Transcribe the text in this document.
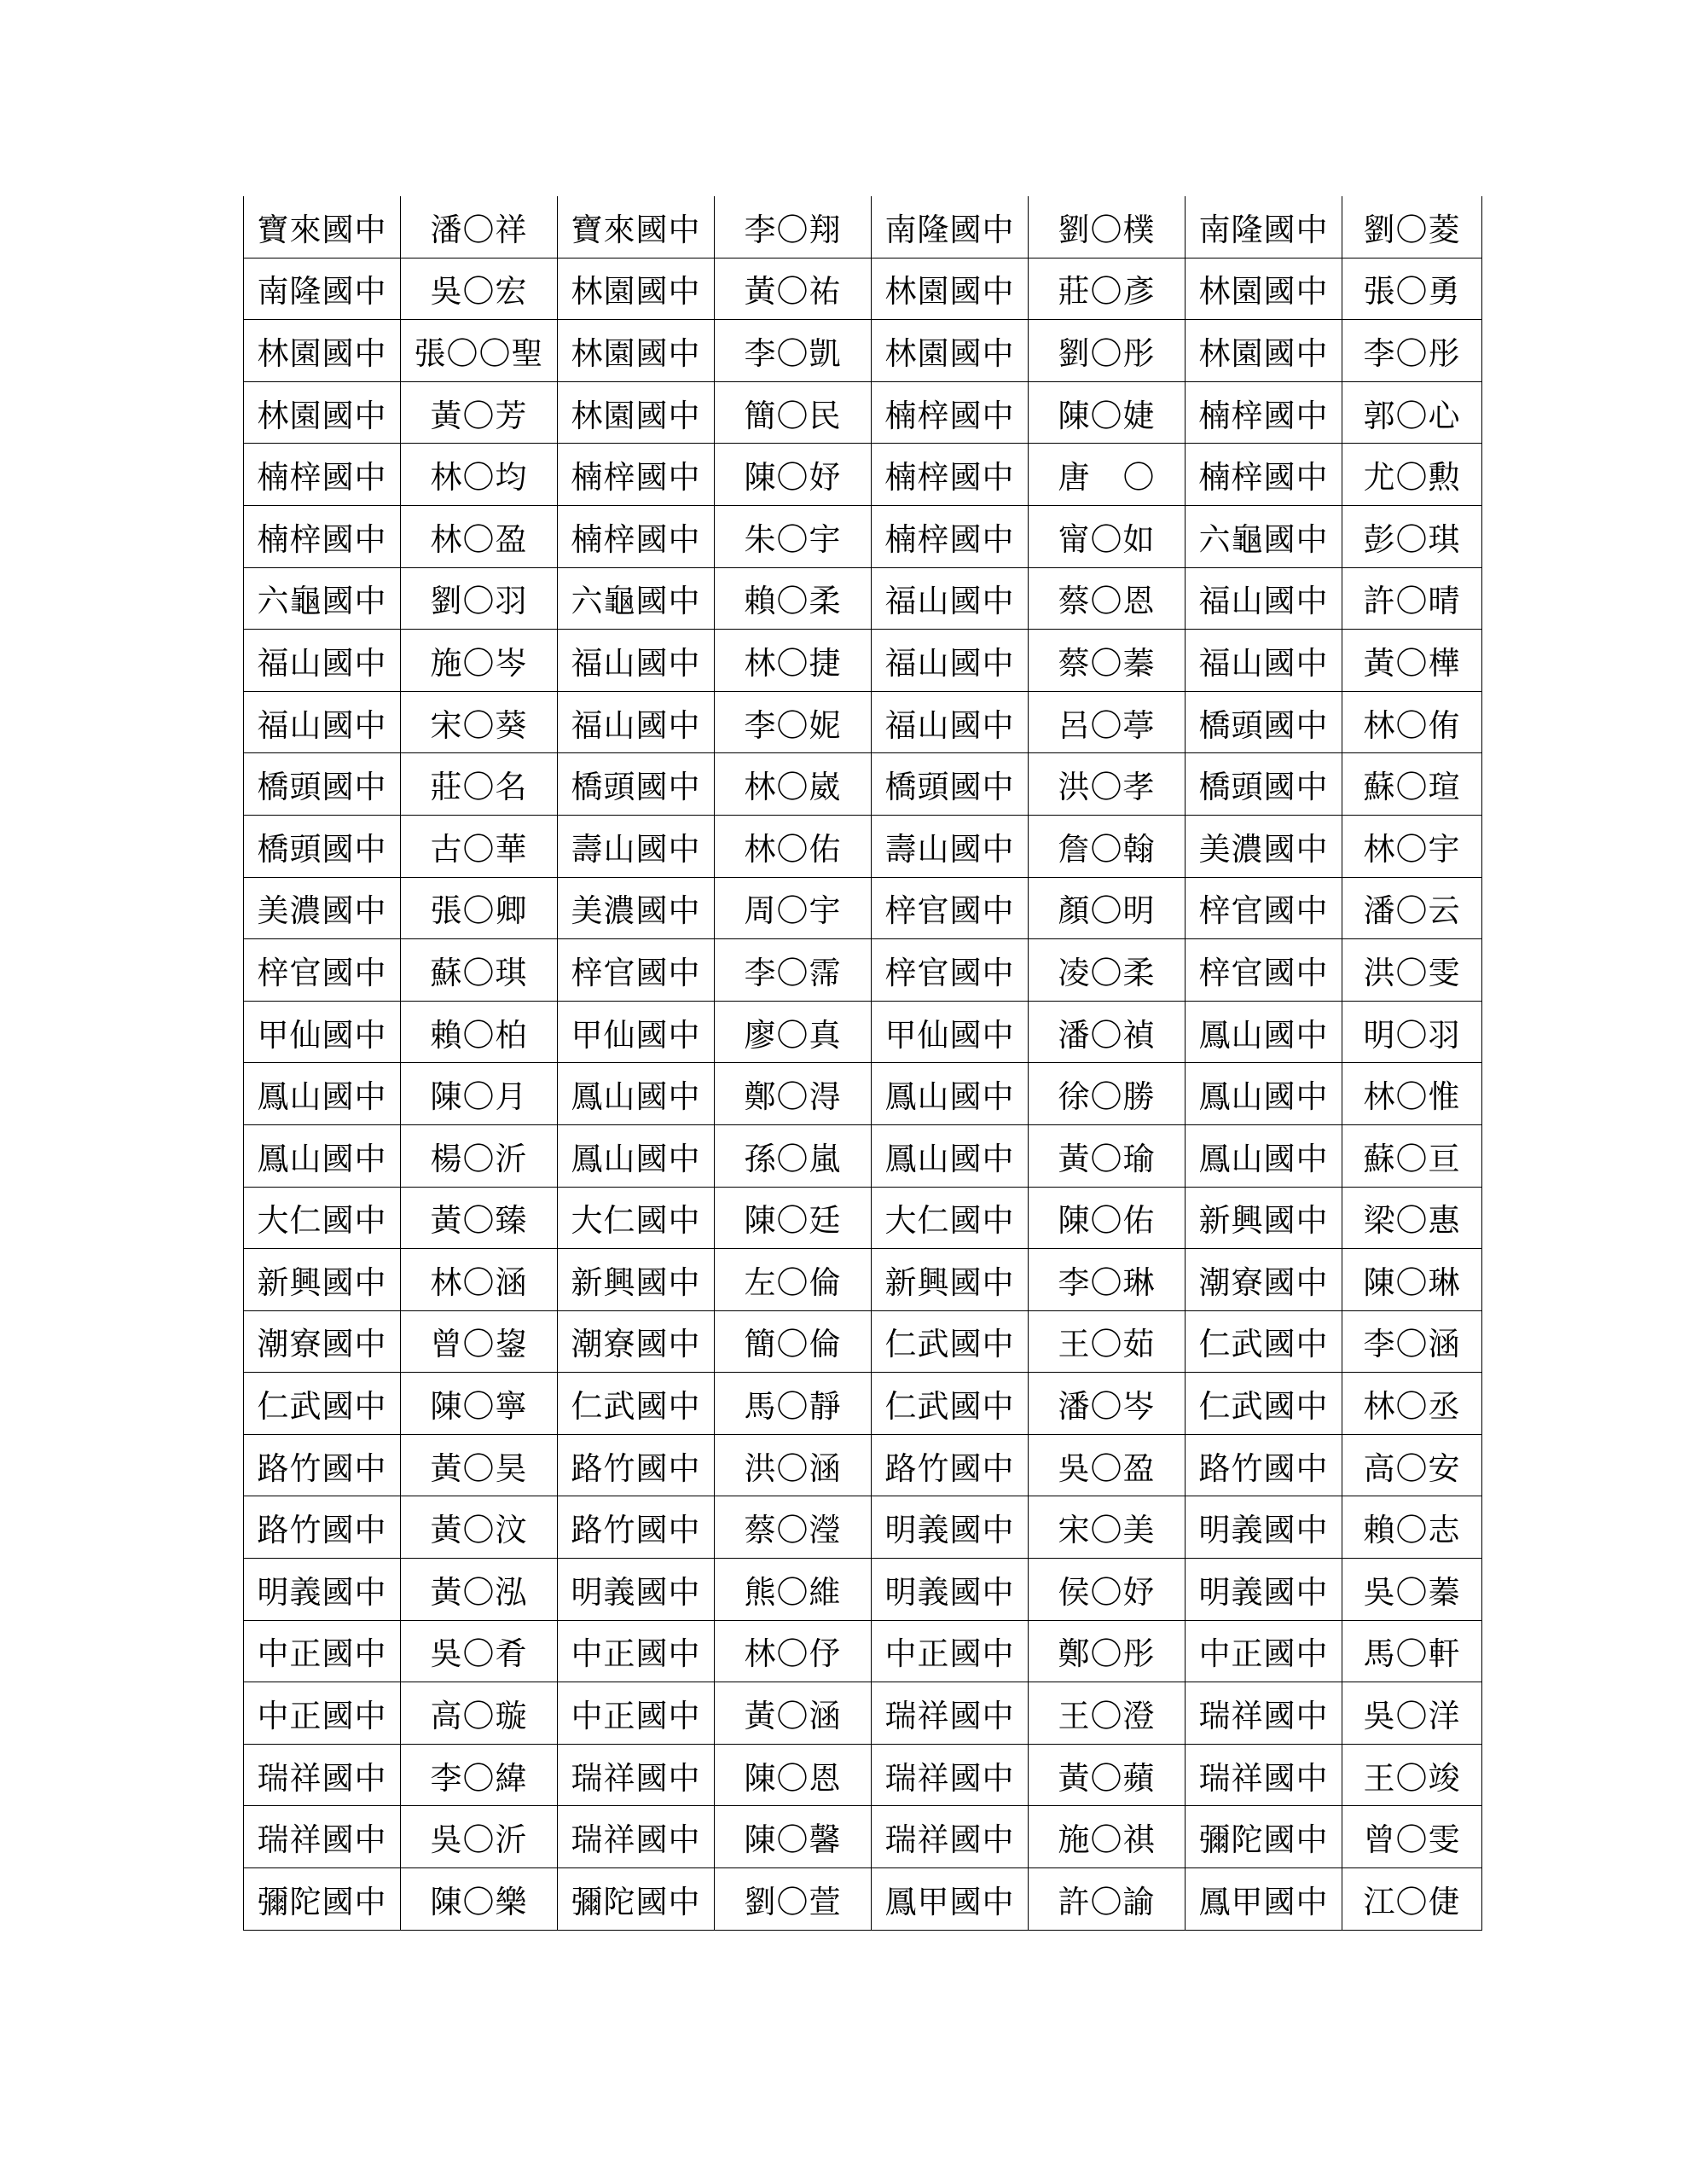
寶來國中	潘〇祥	寶來國中	李〇翔	南隆國中	劉〇樸	南隆國中	劉〇菱
南隆國中	吳〇宏	林園國中	黃〇祐	林園國中	莊〇彥	林園國中	張〇勇
林園國中	張〇〇聖	林園國中	李〇凱	林園國中	劉〇彤	林園國中	李〇彤
林園國中	黃〇芳	林園國中	簡〇民	楠梓國中	陳〇婕	楠梓國中	郭〇心
楠梓國中	林〇均	楠梓國中	陳〇妤	楠梓國中	唐　〇	楠梓國中	尤〇勲
楠梓國中	林〇盈	楠梓國中	朱〇宇	楠梓國中	甯〇如	六龜國中	彭〇琪
六龜國中	劉〇羽	六龜國中	賴〇柔	福山國中	蔡〇恩	福山國中	許〇晴
福山國中	施〇岑	福山國中	林〇捷	福山國中	蔡〇蓁	福山國中	黃〇樺
福山國中	宋〇葵	福山國中	李〇妮	福山國中	呂〇葶	橋頭國中	林〇侑
橋頭國中	莊〇名	橋頭國中	林〇崴	橋頭國中	洪〇孝	橋頭國中	蘇〇瑄
橋頭國中	古〇華	壽山國中	林〇佑	壽山國中	詹〇翰	美濃國中	林〇宇
美濃國中	張〇卿	美濃國中	周〇宇	梓官國中	顏〇明	梓官國中	潘〇云
梓官國中	蘇〇琪	梓官國中	李〇霈	梓官國中	凌〇柔	梓官國中	洪〇雯
甲仙國中	賴〇柏	甲仙國中	廖〇真	甲仙國中	潘〇禎	鳳山國中	明〇羽
鳳山國中	陳〇月	鳳山國中	鄭〇淂	鳳山國中	徐〇勝	鳳山國中	林〇惟
鳳山國中	楊〇沂	鳳山國中	孫〇嵐	鳳山國中	黃〇瑜	鳳山國中	蘇〇亘
大仁國中	黃〇臻	大仁國中	陳〇廷	大仁國中	陳〇佑	新興國中	梁〇惠
新興國中	林〇涵	新興國中	左〇倫	新興國中	李〇琳	潮寮國中	陳〇琳
潮寮國中	曾〇鋆	潮寮國中	簡〇倫	仁武國中	王〇茹	仁武國中	李〇涵
仁武國中	陳〇寧	仁武國中	馬〇靜	仁武國中	潘〇岑	仁武國中	林〇丞
路竹國中	黃〇昊	路竹國中	洪〇涵	路竹國中	吳〇盈	路竹國中	高〇安
路竹國中	黃〇汶	路竹國中	蔡〇瀅	明義國中	宋〇美	明義國中	賴〇志
明義國中	黃〇泓	明義國中	熊〇維	明義國中	侯〇妤	明義國中	吳〇蓁
中正國中	吳〇肴	中正國中	林〇伃	中正國中	鄭〇彤	中正國中	馬〇軒
中正國中	高〇璇	中正國中	黃〇涵	瑞祥國中	王〇澄	瑞祥國中	吳〇洋
瑞祥國中	李〇緯	瑞祥國中	陳〇恩	瑞祥國中	黃〇蘋	瑞祥國中	王〇竣
瑞祥國中	吳〇沂	瑞祥國中	陳〇馨	瑞祥國中	施〇祺	彌陀國中	曾〇雯
彌陀國中	陳〇樂	彌陀國中	劉〇萱	鳳甲國中	許〇諭	鳳甲國中	江〇倢
